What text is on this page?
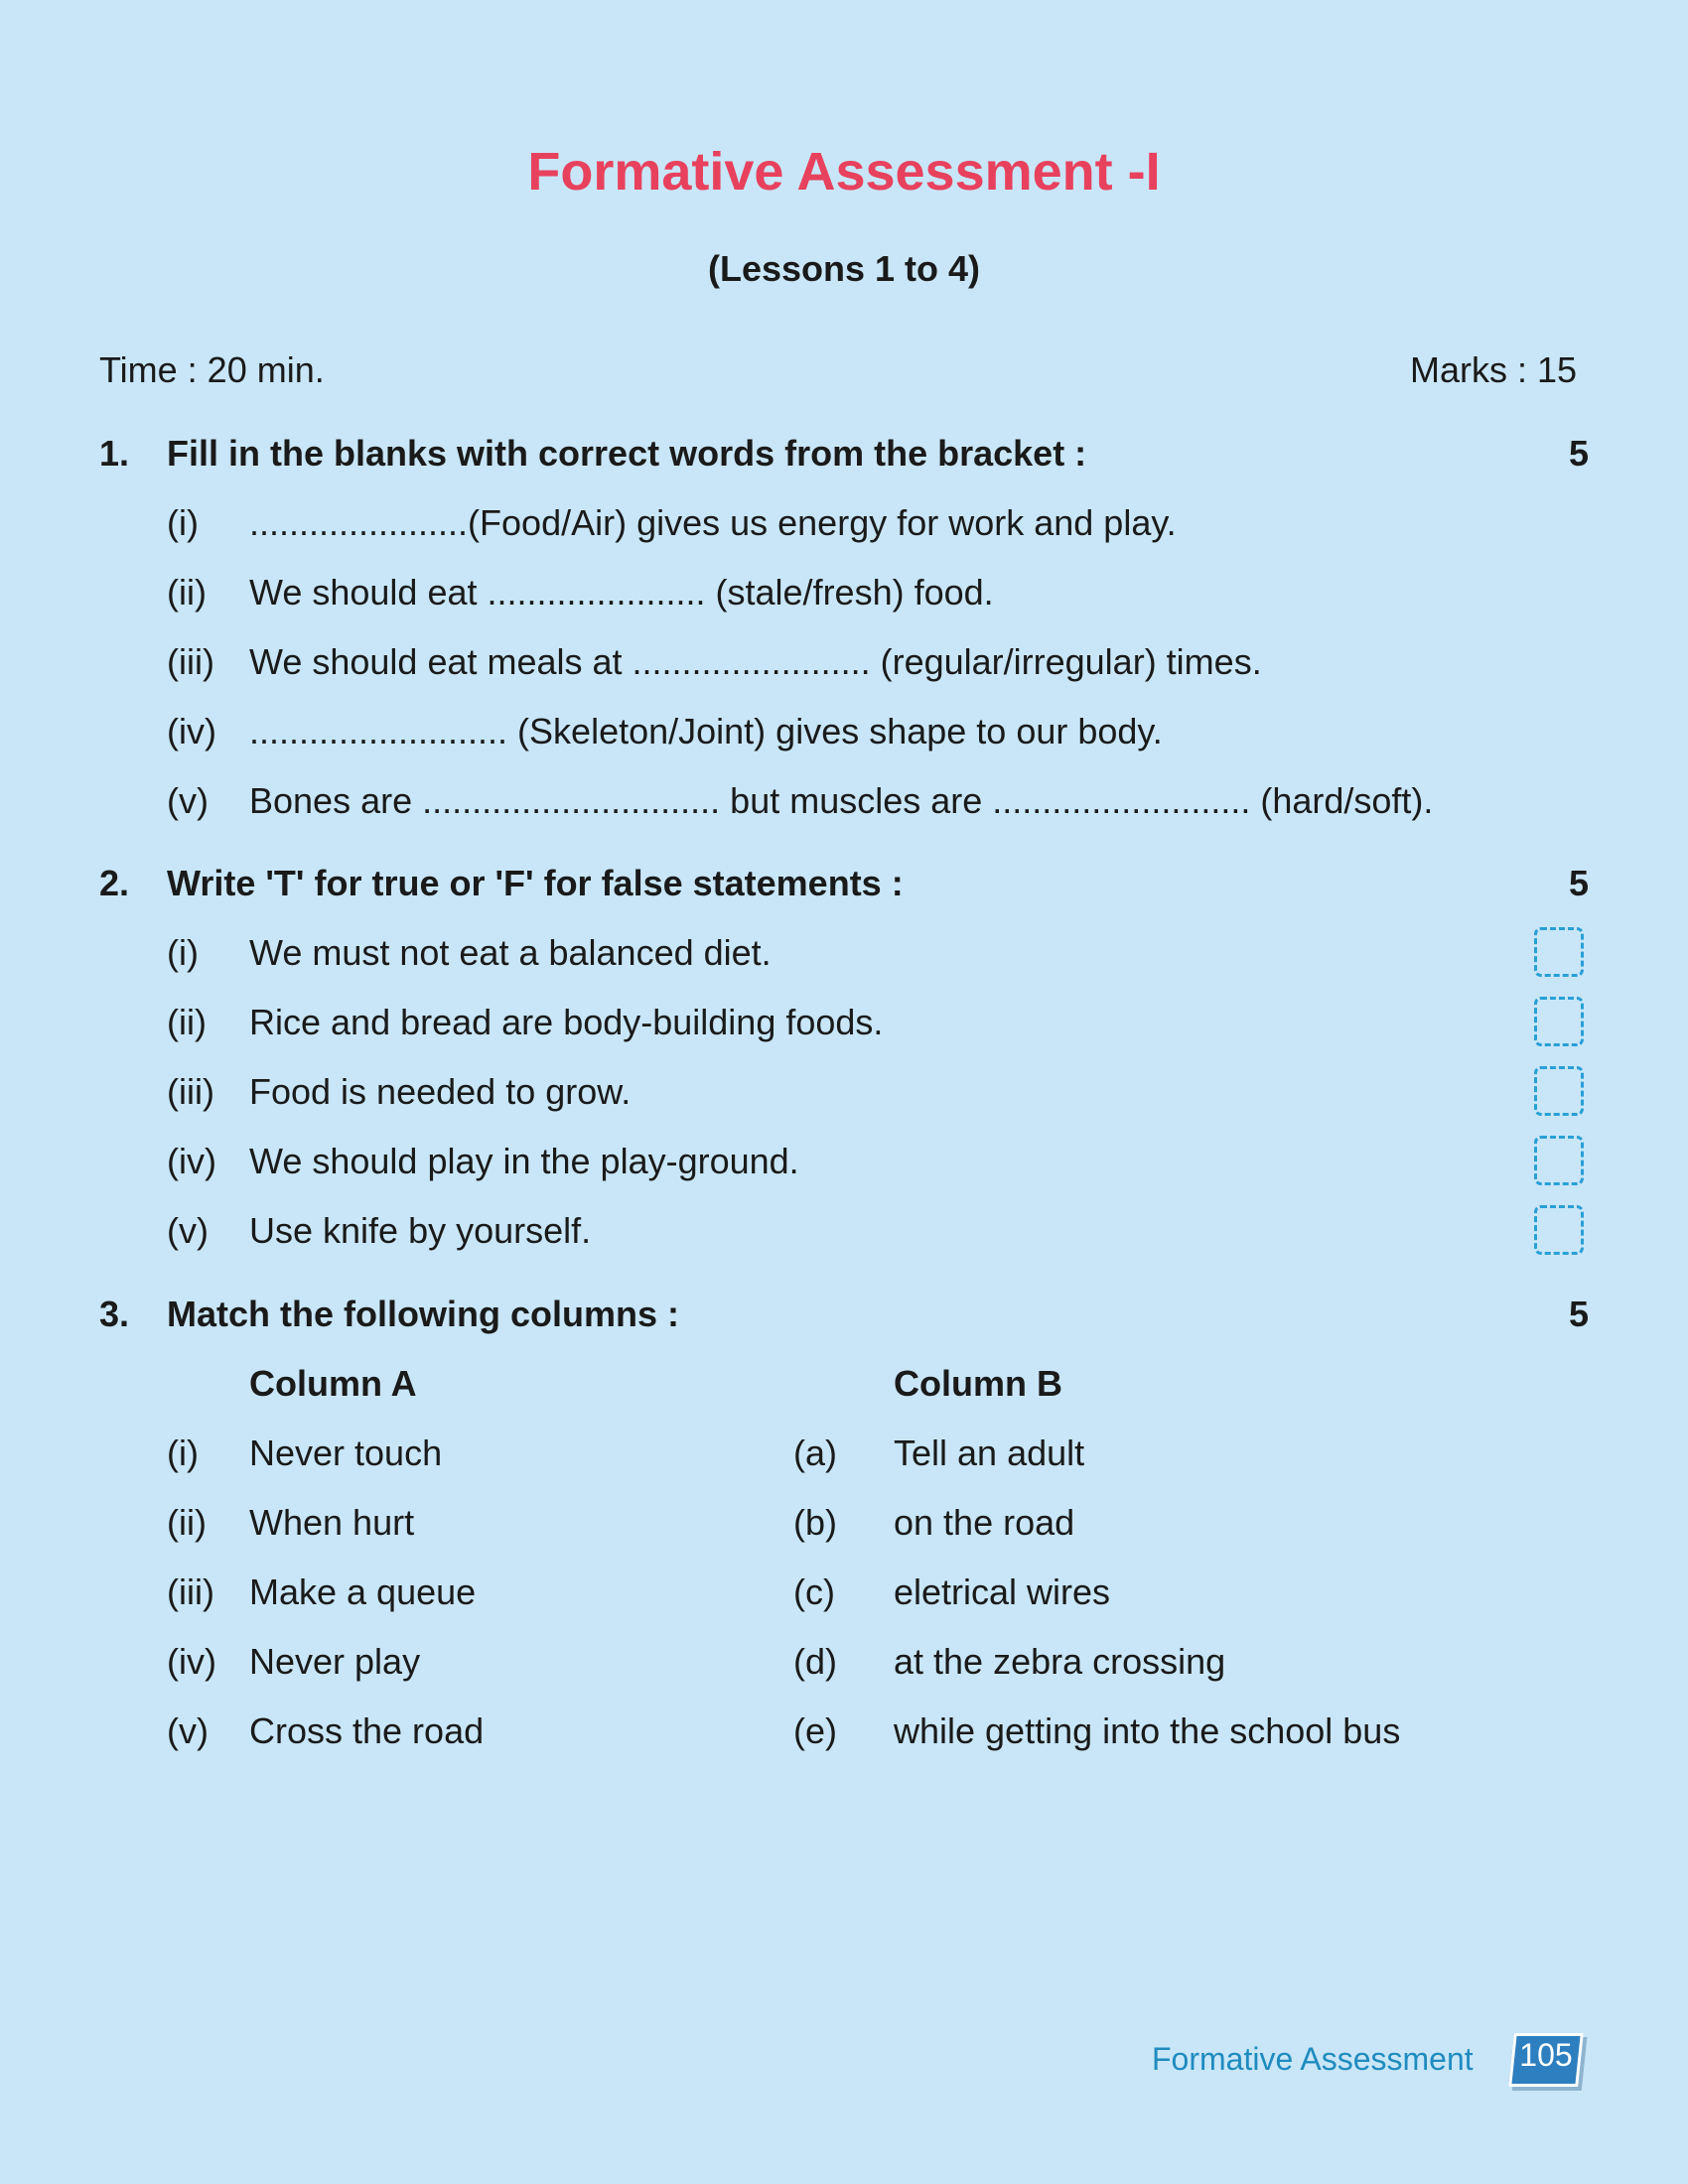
Formative Assessment -I
(Lessons 1 to 4)
Time : 20 min.	Marks : 15
1. Fill in the blanks with correct words from the bracket :	5
(i) ......................(Food/Air) gives us energy for work and play.
(ii) We should eat ...................... (stale/fresh) food.
(iii) We should eat meals at ........................ (regular/irregular) times.
(iv) .......................... (Skeleton/Joint) gives shape to our body.
(v) Bones are .............................. but muscles are .......................... (hard/soft).
2. Write 'T' for true or 'F' for false statements :	5
(i) We must not eat a balanced diet.
(ii) Rice and bread are body-building foods.
(iii) Food is needed to grow.
(iv) We should play in the play-ground.
(v) Use knife by yourself.
3. Match the following columns :	5
Column A	Column B
(i) Never touch	(a) Tell an adult
(ii) When hurt	(b) on the road
(iii) Make a queue	(c) eletrical wires
(iv) Never play	(d) at the zebra crossing
(v) Cross the road	(e) while getting into the school bus
Formative Assessment 105
